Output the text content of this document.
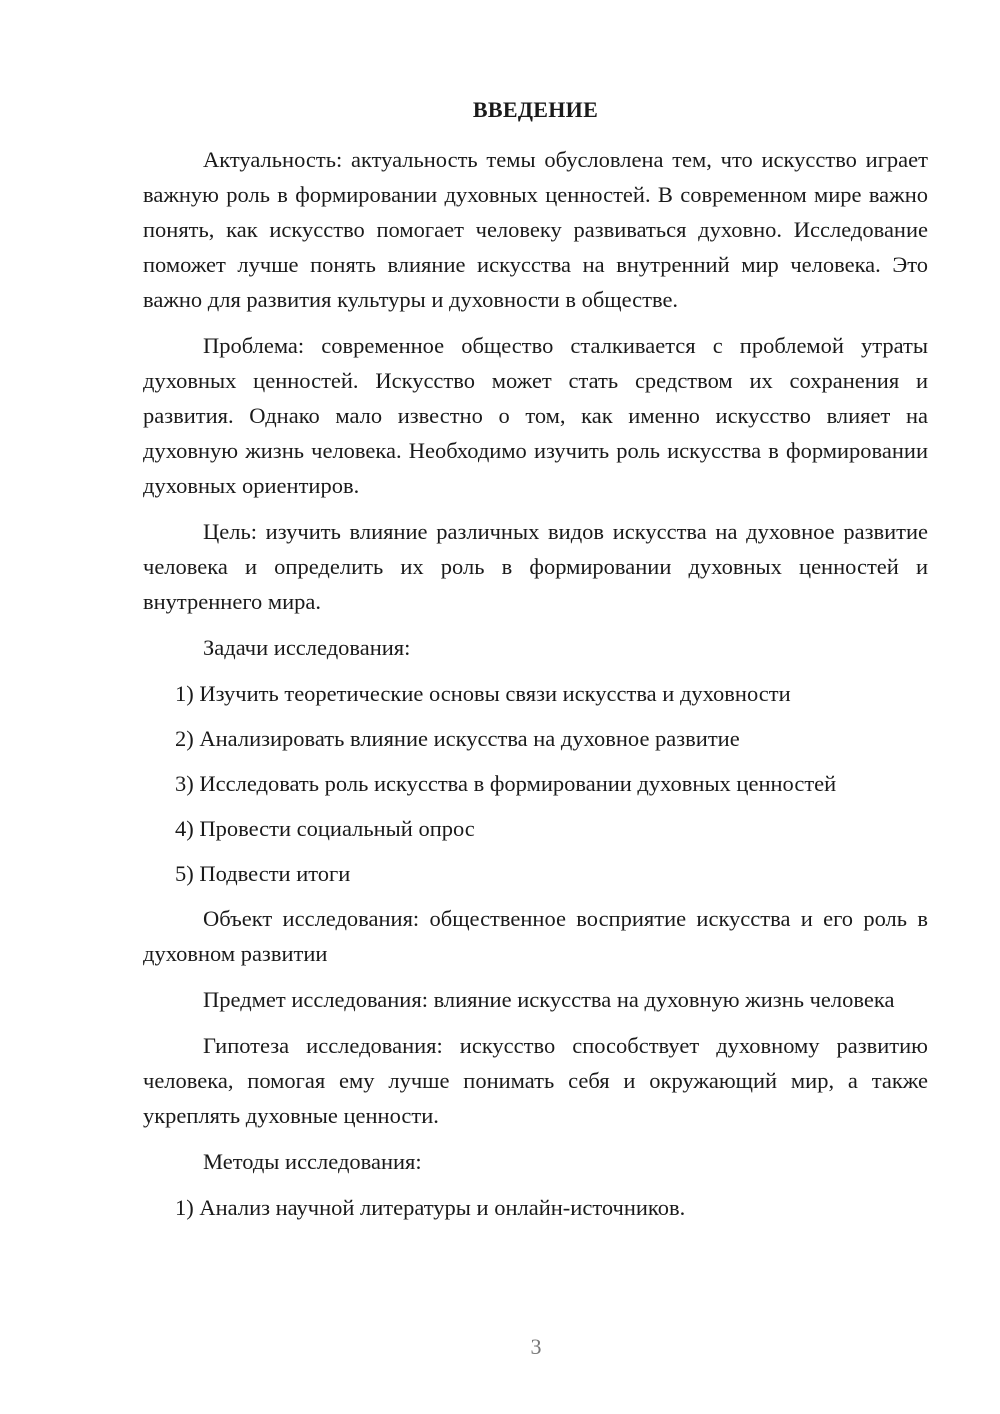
ВВЕДЕНИЕ

Актуальность: актуальность темы обусловлена тем, что искусство играет важную роль в формировании духовных ценностей. В современном мире важно понять, как искусство помогает человеку развиваться духовно. Исследование поможет лучше понять влияние искусства на внутренний мир человека. Это важно для развития культуры и духовности в обществе.

Проблема: современное общество сталкивается с проблемой утраты духовных ценностей. Искусство может стать средством их сохранения и развития. Однако мало известно о том, как именно искусство влияет на духовную жизнь человека. Необходимо изучить роль искусства в формировании духовных ориентиров.

Цель: изучить влияние различных видов искусства на духовное развитие человека и определить их роль в формировании духовных ценностей и внутреннего мира.

Задачи исследования:

1) Изучить теоретические основы связи искусства и духовности
2) Анализировать влияние искусства на духовное развитие
3) Исследовать роль искусства в формировании духовных ценностей
4) Провести социальный опрос
5) Подвести итоги

Объект исследования: общественное восприятие искусства и его роль в духовном развитии

Предмет исследования: влияние искусства на духовную жизнь человека

Гипотеза исследования: искусство способствует духовному развитию человека, помогая ему лучше понимать себя и окружающий мир, а также укреплять духовные ценности.

Методы исследования:

1) Анализ научной литературы и онлайн-источников.
3
